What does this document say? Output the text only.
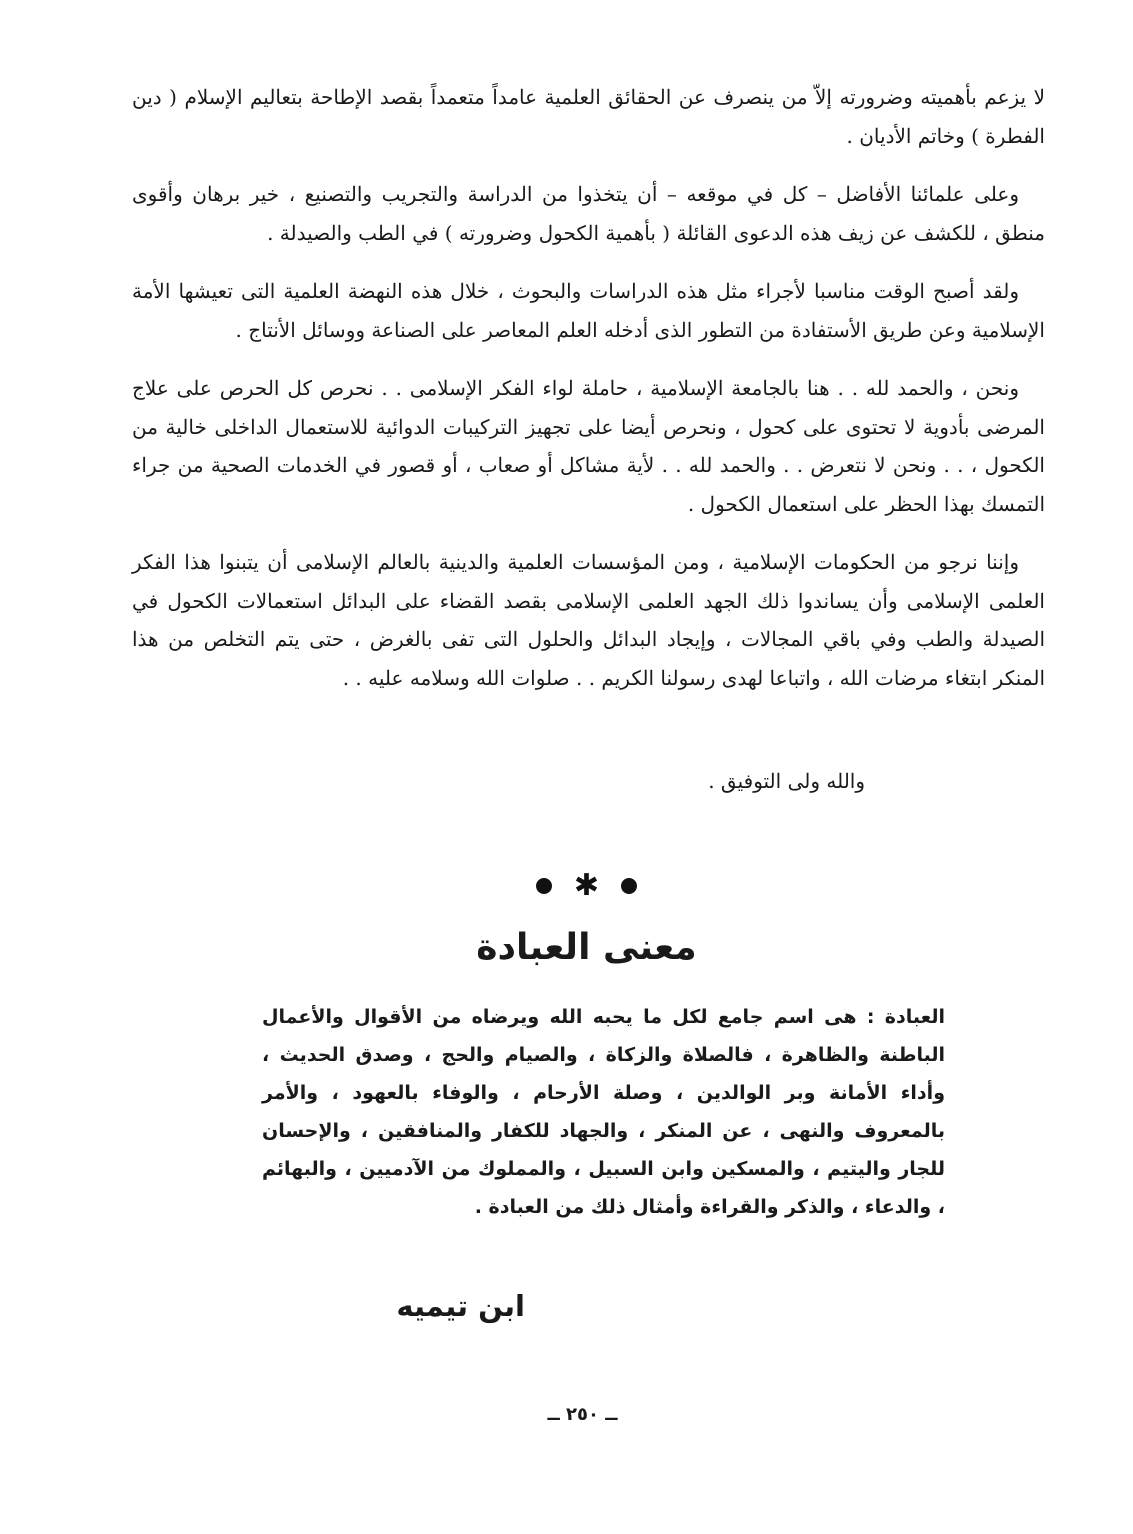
لا يزعم بأهميته وضرورته إلاّ من ينصرف عن الحقائق العلمية عامداً متعمداً بقصد الإطاحة بتعاليم الإسلام ( دين الفطرة ) وخاتم الأديان .

وعلى علمائنا الأفاضل – كل في موقعه – أن يتخذوا من الدراسة والتجريب والتصنيع ، خير برهان وأقوى منطق ، للكشف عن زيف هذه الدعوى القائلة ( بأهمية الكحول وضرورته ) في الطب والصيدلة .

ولقد أصبح الوقت مناسبا لأجراء مثل هذه الدراسات والبحوث ، خلال هذه النهضة العلمية التى تعيشها الأمة الإسلامية وعن طريق الأستفادة من التطور الذى أدخله العلم المعاصر على الصناعة ووسائل الأنتاج .

ونحن ، والحمد لله . . هنا بالجامعة الإسلامية ، حاملة لواء الفكر الإسلامى . . نحرص كل الحرص على علاج المرضى بأدوية لا تحتوى على كحول ، ونحرص أيضا على تجهيز التركيبات الدوائية للاستعمال الداخلى خالية من الكحول ، . . ونحن لا نتعرض . . والحمد لله . . لأية مشاكل أو صعاب ، أو قصور في الخدمات الصحية من جراء التمسك بهذا الحظر على استعمال الكحول .

وإننا نرجو من الحكومات الإسلامية ، ومن المؤسسات العلمية والدينية بالعالم الإسلامى أن يتبنوا هذا الفكر العلمى الإسلامى وأن يساندوا ذلك الجهد العلمى الإسلامى بقصد القضاء على البدائل استعمالات الكحول في الصيدلة والطب وفي باقي المجالات ، وإيجاد البدائل والحلول التى تفى بالغرض ، حتى يتم التخلص من هذا المنكر ابتغاء مرضات الله ، واتباعا لهدى رسولنا الكريم . . صلوات الله وسلامه عليه . .

والله ولى التوفيق .

✱
معنى العبادة

العبادة : هى اسم جامع لكل ما يحبه الله ويرضاه من الأقوال والأعمال الباطنة والظاهرة ، فالصلاة والزكاة ، والصيام والحج ، وصدق الحديث ، وأداء الأمانة وبر الوالدين ، وصلة الأرحام ، والوفاء بالعهود ، والأمر بالمعروف والنهى ، عن المنكر ، والجهاد للكفار والمنافقين ، والإحسان للجار واليتيم ، والمسكين وابن السبيل ، والمملوك من الآدميين ، والبهائم ، والدعاء ، والذكر والقراءة وأمثال ذلك من العبادة .

ابن تيميه

ــ ٢٥٠ ــ
